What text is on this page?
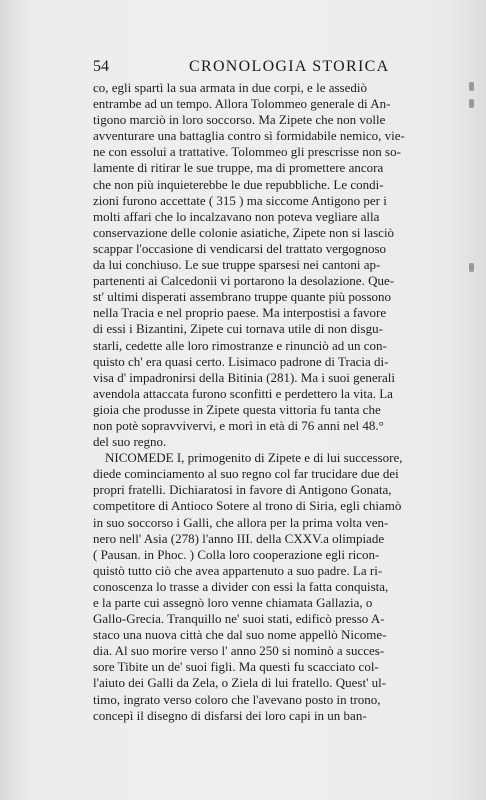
54	CRONOLOGIA STORICA
co, egli spartì la sua armata in due corpi, e le assediò
entrambe ad un tempo. Allora Tolommeo generale di An-
tigono marciò in loro soccorso. Ma Zipete che non volle
avventurare una battaglia contro sì formidabile nemico, vie-
ne con essolui a trattative. Tolommeo gli prescrisse non so-
lamente di ritirar le sue truppe, ma di promettere ancora
che non più inquieterebbe le due repubbliche. Le condi-
zioni furono accettate ( 315 ) ma siccome Antigono per i
molti affari che lo incalzavano non poteva vegliare alla
conservazione delle colonie asiatiche, Zipete non si lasciò
scappar l'occasione di vendicarsi del trattato vergognoso
da lui conchiuso. Le sue truppe sparsesi nei cantoni ap-
partenenti ai Calcedonii vi portarono la desolazione. Que-
st' ultimi disperati assembrano truppe quante più possono
nella Tracia e nel proprio paese. Ma interpostisi a favore
di essi i Bizantini, Zipete cui tornava utile di non disgu-
starli, cedette alle loro rimostranze e rinunciò ad un con-
quisto ch' era quasi certo. Lisimaco padrone di Tracia di-
visa d' impadronirsi della Bitinia (281). Ma i suoi generali
avendola attaccata furono sconfitti e perdettero la vita. La
gioia che produsse in Zipete questa vittoria fu tanta che
non potè sopravvivervi, e morì in età di 76 anni nel 48.°
del suo regno.
NICOMEDE I, primogenito di Zipete e di lui successore,
diede cominciamento al suo regno col far trucidare due dei
propri fratelli. Dichiaratosi in favore di Antigono Gonata,
competitore di Antioco Sotere al trono di Siria, egli chiamò
in suo soccorso i Galli, che allora per la prima volta ven-
nero nell' Asia (278) l'anno III. della CXXV.a olimpiade
( Pausan. in Phoc. ) Colla loro cooperazione egli ricon-
quistò tutto ciò che avea appartenuto a suo padre. La ri-
conoscenza lo trasse a divider con essi la fatta conquista,
e la parte cui assegnò loro venne chiamata Gallazia, o
Gallo-Grecia. Tranquillo ne' suoi stati, edificò presso A-
staco una nuova città che dal suo nome appellò Nicome-
dia. Al suo morire verso l' anno 250 si nominò a succes-
sore Tibite un de' suoi figli. Ma questi fu scacciato col-
l'aiuto dei Galli da Zela, o Ziela di lui fratello. Quest' ul-
timo, ingrato verso coloro che l'avevano posto in trono,
concepì il disegno di disfarsi dei loro capi in un ban-
